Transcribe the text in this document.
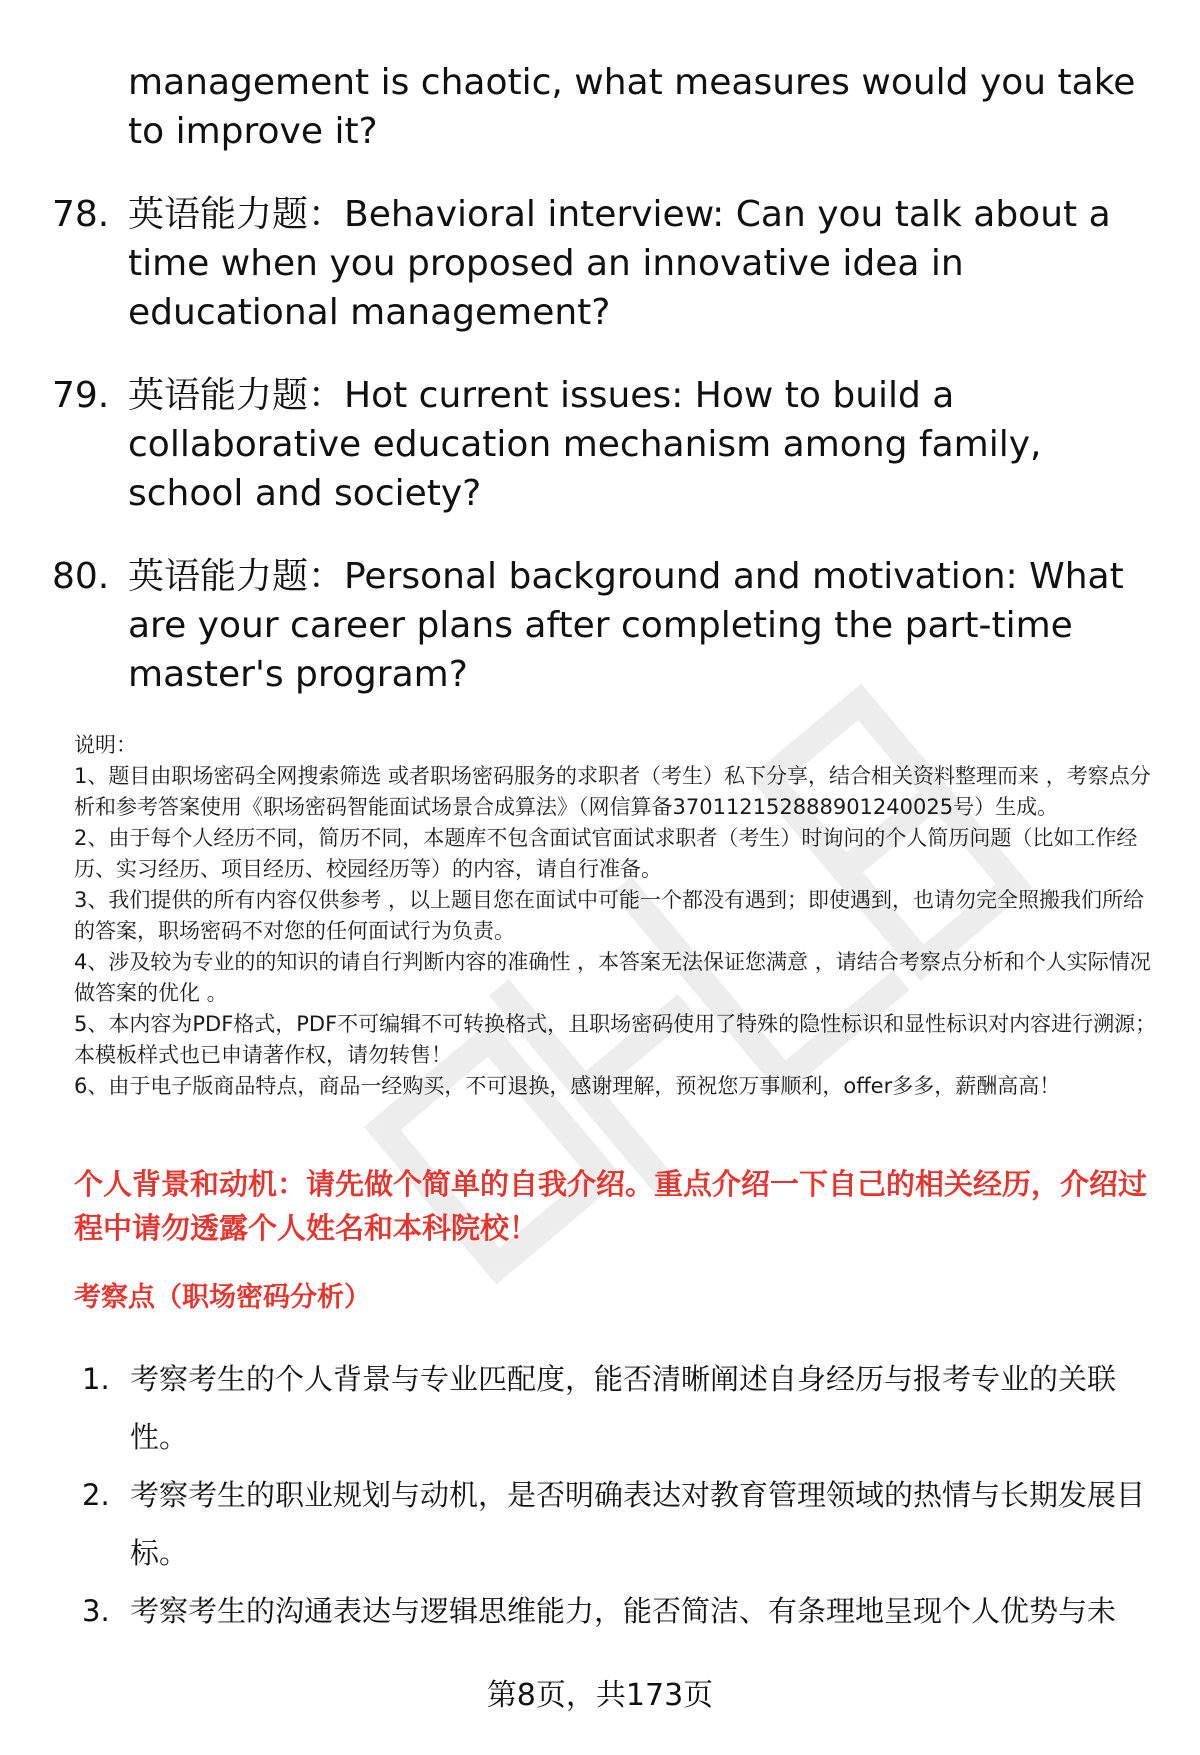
management is chaotic, what measures would you take to improve it?
78. 英语能力题：Behavioral interview: Can you talk about a time when you proposed an innovative idea in educational management?
79. 英语能力题：Hot current issues: How to build a collaborative education mechanism among family, school and society?
80. 英语能力题：Personal background and motivation: What are your career plans after completing the part-time master's program?

说明：

1、题目由职场密码全网搜索筛选 或者职场密码服务的求职者（考生）私下分享，结合相关资料整理而来 ，考察点分析和参考答案使用《职场密码智能面试场景合成算法》（网信算备370112152888901240025号）生成。

2、由于每个人经历不同，简历不同，本题库不包含面试官面试求职者（考生）时询问的个人简历问题（比如工作经历、实习经历、项目经历、校园经历等）的内容，请自行准备。

3、我们提供的所有内容仅供参考 ，以上题目您在面试中可能一个都没有遇到；即使遇到，也请勿完全照搬我们所给的答案，职场密码不对您的任何面试行为负责。

4、涉及较为专业的的知识的请自行判断内容的准确性 ，本答案无法保证您满意 ，请结合考察点分析和个人实际情况做答案的优化 。

5、本内容为PDF格式，PDF不可编辑不可转换格式，且职场密码使用了特殊的隐性标识和显性标识对内容进行溯源；本模板样式也已申请著作权，请勿转售！

6、由于电子版商品特点，商品一经购买，不可退换，感谢理解，预祝您万事顺利，offer多多，薪酬高高！

个人背景和动机：请先做个简单的自我介绍。重点介绍一下自己的相关经历，介绍过程中请勿透露个人姓名和本科院校！
考察点（职场密码分析）
1. 考察考生的个人背景与专业匹配度，能否清晰阐述自身经历与报考专业的关联性。
2. 考察考生的职业规划与动机，是否明确表达对教育管理领域的热情与长期发展目标。
3. 考察考生的沟通表达与逻辑思维能力，能否简洁、有条理地呈现个人优势与未
第8页，共173页
